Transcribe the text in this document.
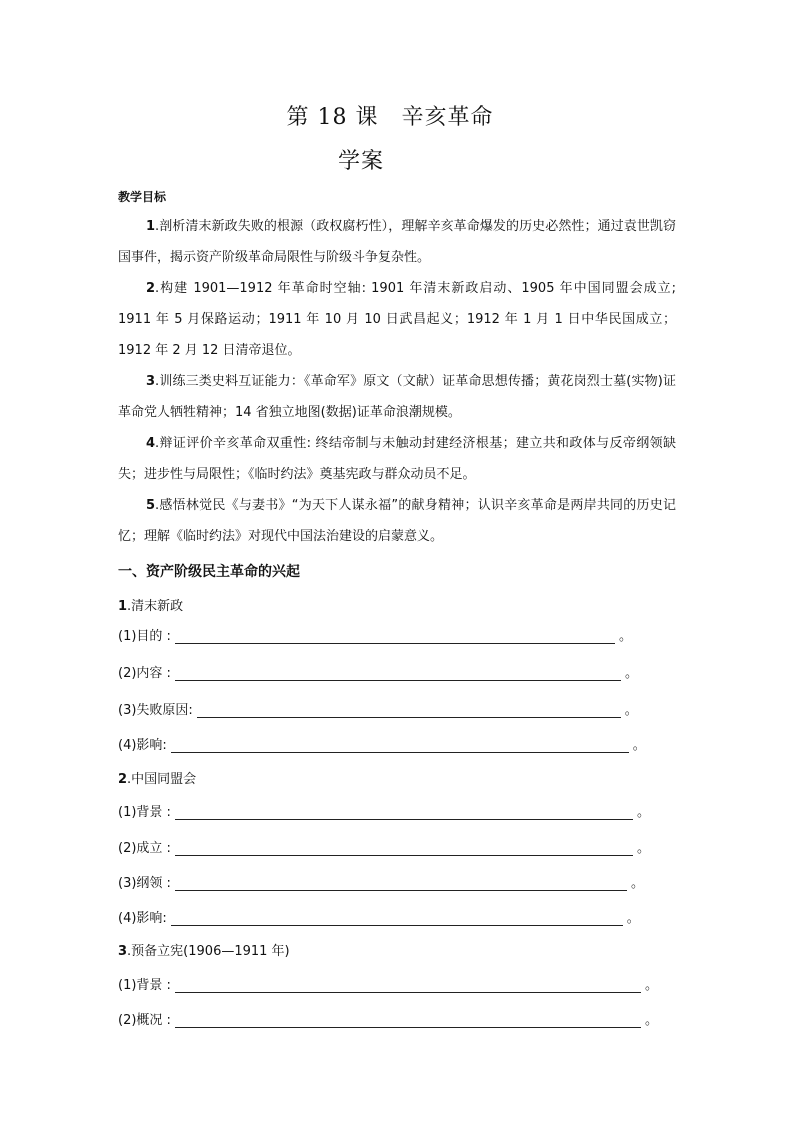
第 18 课　辛亥革命
学案
教学目标
1.剖析清末新政失败的根源（政权腐朽性），理解辛亥革命爆发的历史必然性；通过袁世凯窃国事件，揭示资产阶级革命局限性与阶级斗争复杂性。
2.构建 1901—1912 年革命时空轴: 1901 年清末新政启动、1905 年中国同盟会成立; 1911 年 5 月保路运动；1911 年 10 月 10 日武昌起义；1912 年 1 月 1 日中华民国成立；1912 年 2 月 12 日清帝退位。
3.训练三类史料互证能力：《革命军》原文（文献）证革命思想传播；黄花岗烈士墓(实物)证革命党人牺牲精神；14 省独立地图(数据)证革命浪潮规模。
4.辩证评价辛亥革命双重性: 终结帝制与未触动封建经济根基；建立共和政体与反帝纲领缺失；进步性与局限性；《临时约法》奠基宪政与群众动员不足。
5.感悟林觉民《与妻书》“为天下人谋永福”的献身精神；认识辛亥革命是两岸共同的历史记忆；理解《临时约法》对现代中国法治建设的启蒙意义。
一、资产阶级民主革命的兴起
1.清末新政
(1)目的 :	。
(2)内容 :	。
(3)失败原因:	。
(4)影响:	。
2.中国同盟会
(1)背景 :	。
(2)成立 :	。
(3)纲领 :	。
(4)影响:	。
3.预备立宪(1906—1911 年)
(1)背景 :	。
(2)概况 :	。
